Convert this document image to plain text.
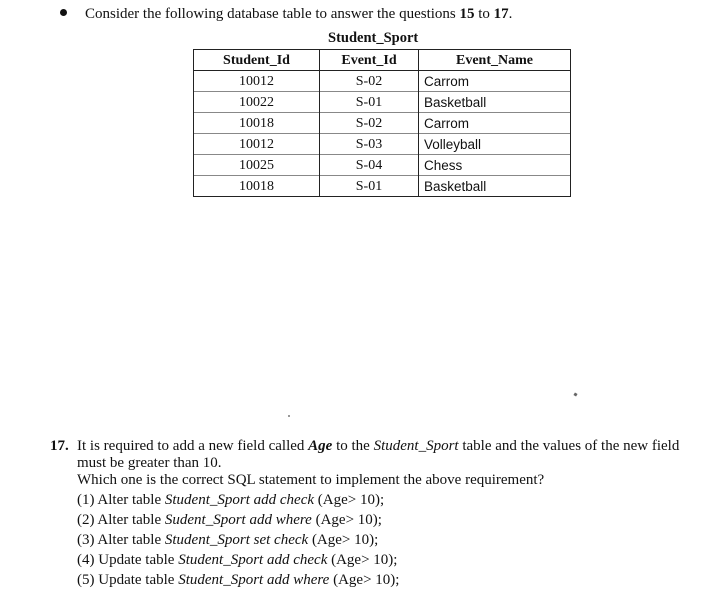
Consider the following database table to answer the questions 15 to 17.
Student_Sport
Student_Id	Event_Id	Event_Name
10012	S-02	Carrom
10022	S-01	Basketball
10018	S-02	Carrom
10012	S-03	Volleyball
10025	S-04	Chess
10018	S-01	Basketball
17. It is required to add a new field called Age to the Student_Sport table and the values of the new field
must be greater than 10.
Which one is the correct SQL statement to implement the above requirement?
(1) Alter table Student_Sport add check (Age> 10);
(2) Alter table Sudent_Sport add where (Age> 10);
(3) Alter table Student_Sport set check (Age> 10);
(4) Update table Student_Sport add check (Age> 10);
(5) Update table Student_Sport add where (Age> 10);
